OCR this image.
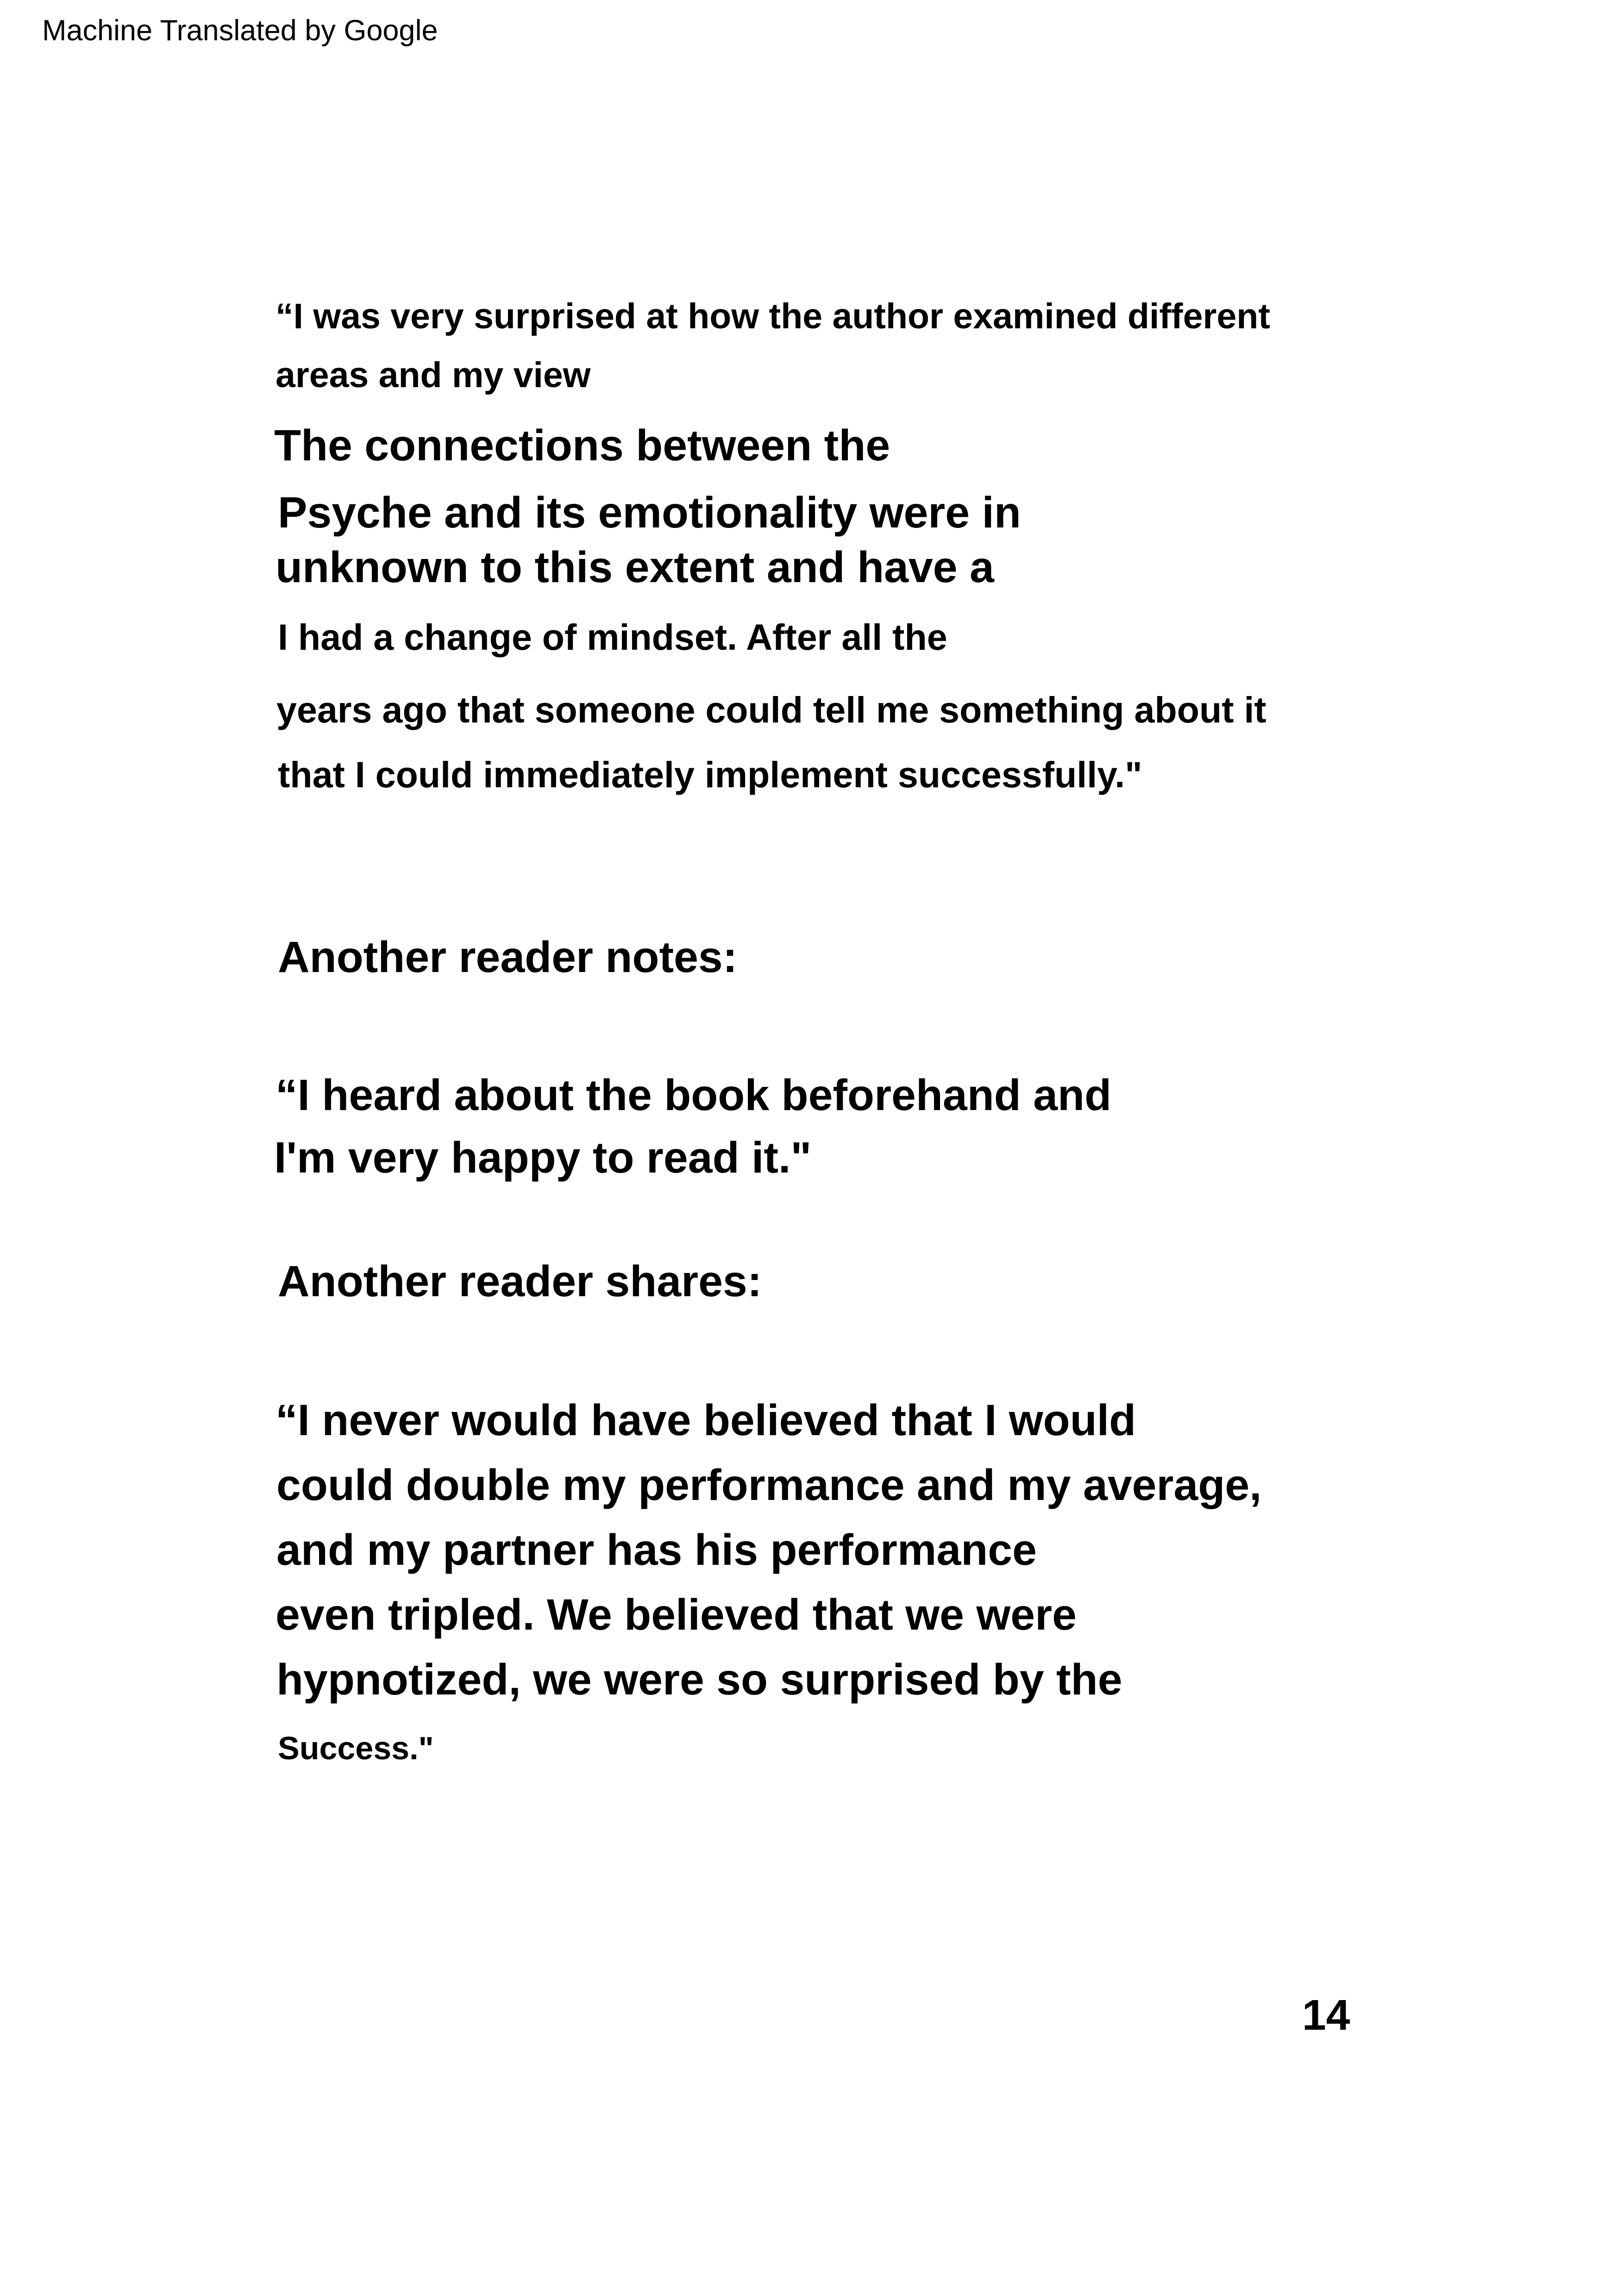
Machine Translated by Google
“I was very surprised at how the author examined different
areas and my view
The connections between the
Psyche and its emotionality were in
unknown to this extent and have a
I had a change of mindset. After all the
years ago that someone could tell me something about it
that I could immediately implement successfully."
Another reader notes:
“I heard about the book beforehand and
I'm very happy to read it."
Another reader shares:
“I never would have believed that I would
could double my performance and my average,
and my partner has his performance
even tripled. We believed that we were
hypnotized, we were so surprised by the
Success."
14
